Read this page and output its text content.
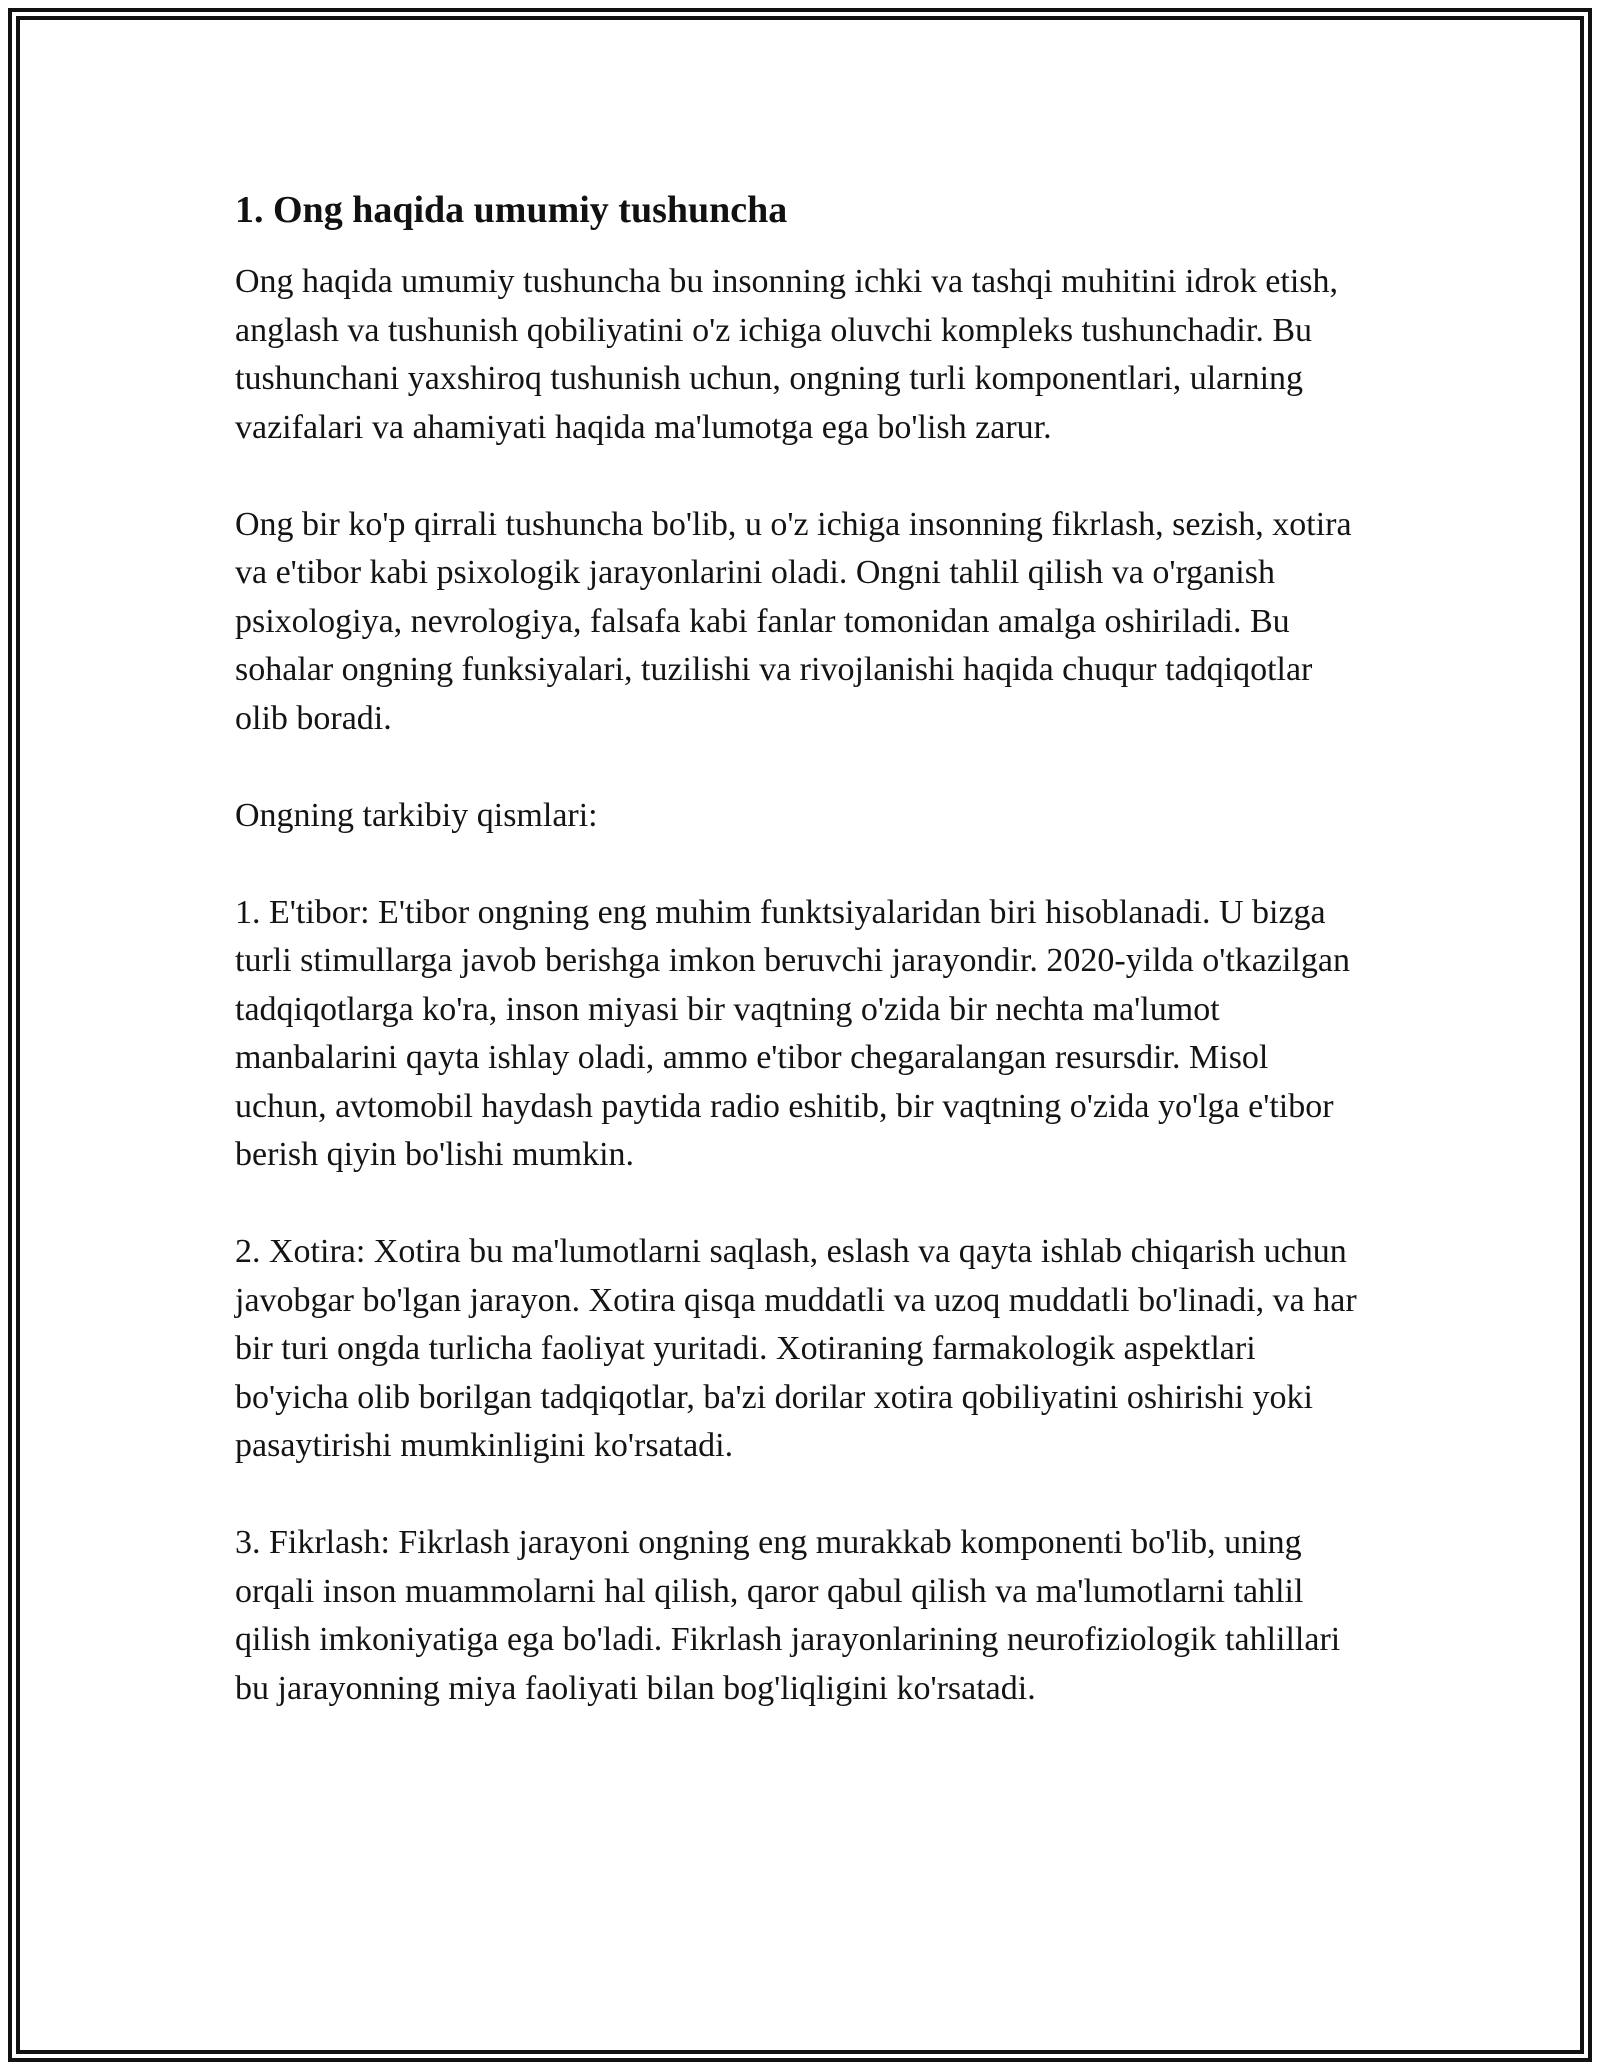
1. Ong haqida umumiy tushuncha

Ong haqida umumiy tushuncha bu insonning ichki va tashqi muhitini idrok etish, anglash va tushunish qobiliyatini o'z ichiga oluvchi kompleks tushunchadir. Bu tushunchani yaxshiroq tushunish uchun, ongning turli komponentlari, ularning vazifalari va ahamiyati haqida ma'lumotga ega bo'lish zarur.

Ong bir ko'p qirrali tushuncha bo'lib, u o'z ichiga insonning fikrlash, sezish, xotira va e'tibor kabi psixologik jarayonlarini oladi. Ongni tahlil qilish va o'rganish psixologiya, nevrologiya, falsafa kabi fanlar tomonidan amalga oshiriladi. Bu sohalar ongning funksiyalari, tuzilishi va rivojlanishi haqida chuqur tadqiqotlar olib boradi.

Ongning tarkibiy qismlari:

1. E'tibor: E'tibor ongning eng muhim funktsiyalaridan biri hisoblanadi. U bizga turli stimullarga javob berishga imkon beruvchi jarayondir. 2020-yilda o'tkazilgan tadqiqotlarga ko'ra, inson miyasi bir vaqtning o'zida bir nechta ma'lumot manbalarini qayta ishlay oladi, ammo e'tibor chegaralangan resursdir. Misol uchun, avtomobil haydash paytida radio eshitib, bir vaqtning o'zida yo'lga e'tibor berish qiyin bo'lishi mumkin.

2. Xotira: Xotira bu ma'lumotlarni saqlash, eslash va qayta ishlab chiqarish uchun javobgar bo'lgan jarayon. Xotira qisqa muddatli va uzoq muddatli bo'linadi, va har bir turi ongda turlicha faoliyat yuritadi. Xotiraning farmakologik aspektlari bo'yicha olib borilgan tadqiqotlar, ba'zi dorilar xotira qobiliyatini oshirishi yoki pasaytirishi mumkinligini ko'rsatadi.

3. Fikrlash: Fikrlash jarayoni ongning eng murakkab komponenti bo'lib, uning orqali inson muammolarni hal qilish, qaror qabul qilish va ma'lumotlarni tahlil qilish imkoniyatiga ega bo'ladi. Fikrlash jarayonlarining neurofiziologik tahlillari bu jarayonning miya faoliyati bilan bog'liqligini ko'rsatadi.
